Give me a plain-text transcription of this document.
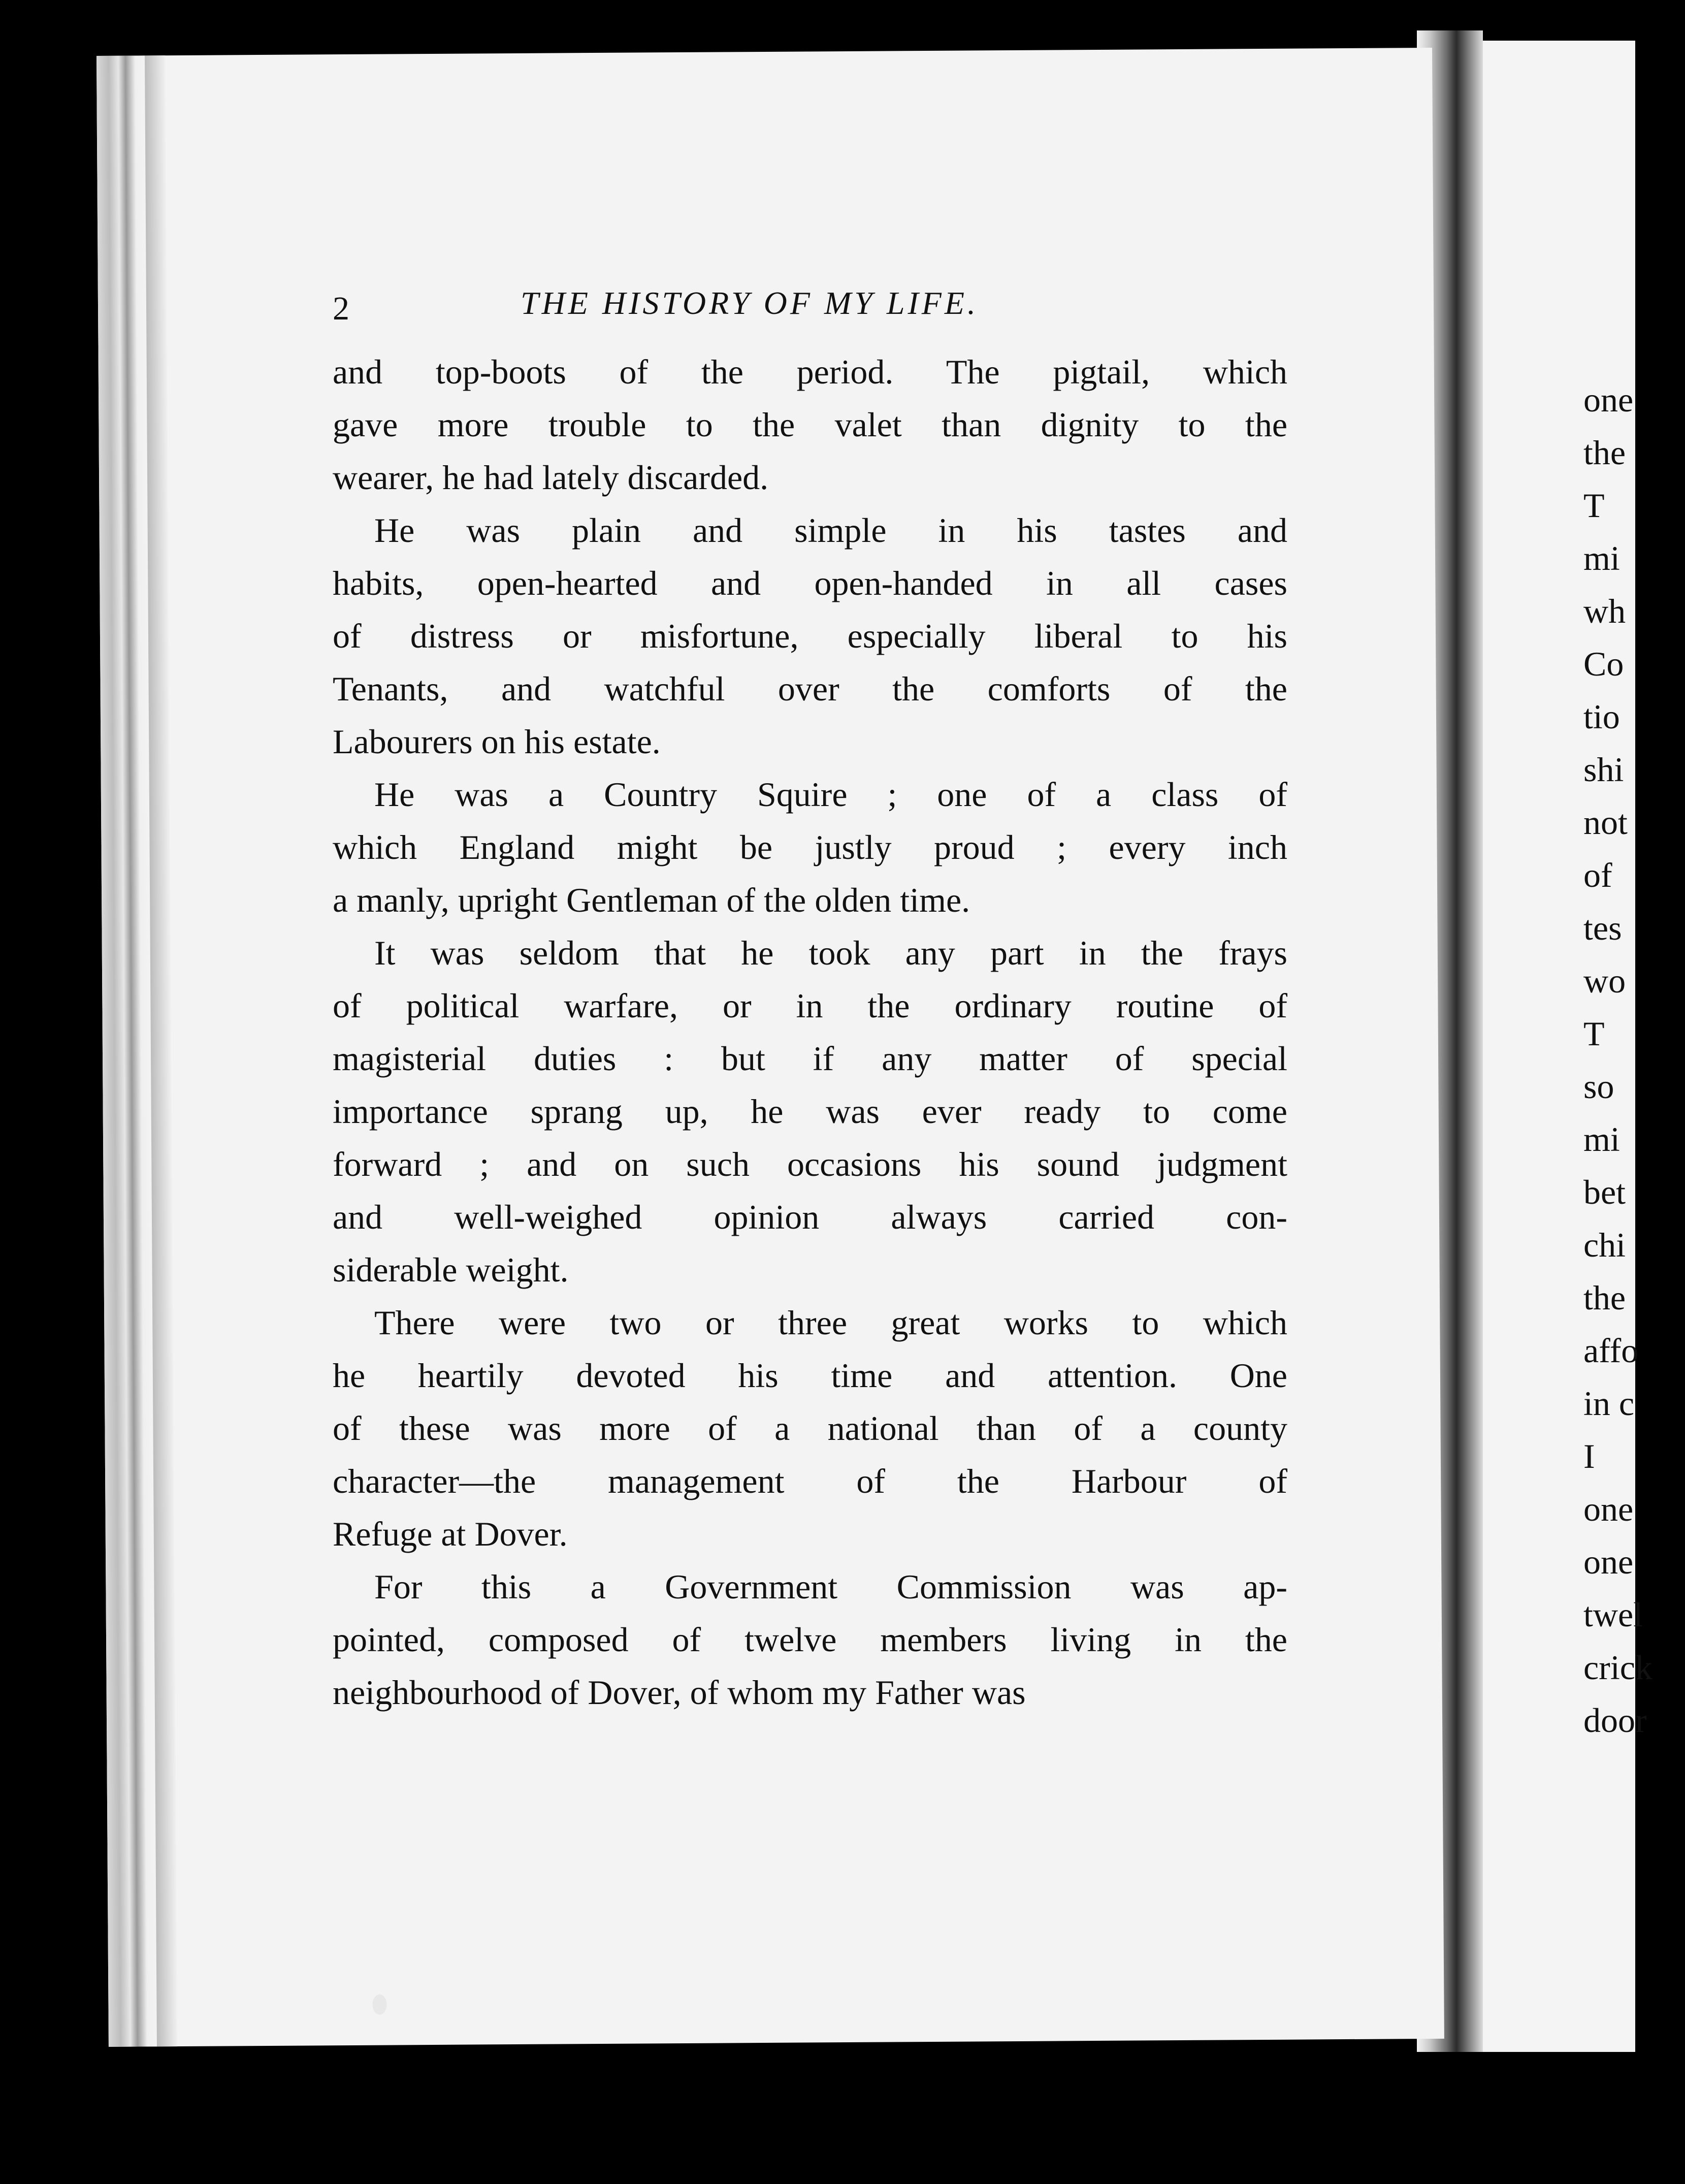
2	THE HISTORY OF MY LIFE.
and top-boots of the period. The pigtail, which
gave more trouble to the valet than dignity to the
wearer, he had lately discarded.
He was plain and simple in his tastes and
habits, open-hearted and open-handed in all cases
of distress or misfortune, especially liberal to his
Tenants, and watchful over the comforts of the
Labourers on his estate.
He was a Country Squire ; one of a class of
which England might be justly proud ; every inch
a manly, upright Gentleman of the olden time.
It was seldom that he took any part in the frays
of political warfare, or in the ordinary routine of
magisterial duties : but if any matter of special
importance sprang up, he was ever ready to come
forward ; and on such occasions his sound judgment
and well-weighed opinion always carried con-
siderable weight.
There were two or three great works to which
he heartily devoted his time and attention. One
of these was more of a national than of a county
character—the management of the Harbour of
Refuge at Dover.
For this a Government Commission was ap-
pointed, composed of twelve members living in the
neighbourhood of Dover, of whom my Father was
one
the
T
mi
wh
Co
tio
shi
not
of
tes
wo
T
so
mi
bet
chi
the
affo
in c
I
one
one
twel
crick
door
